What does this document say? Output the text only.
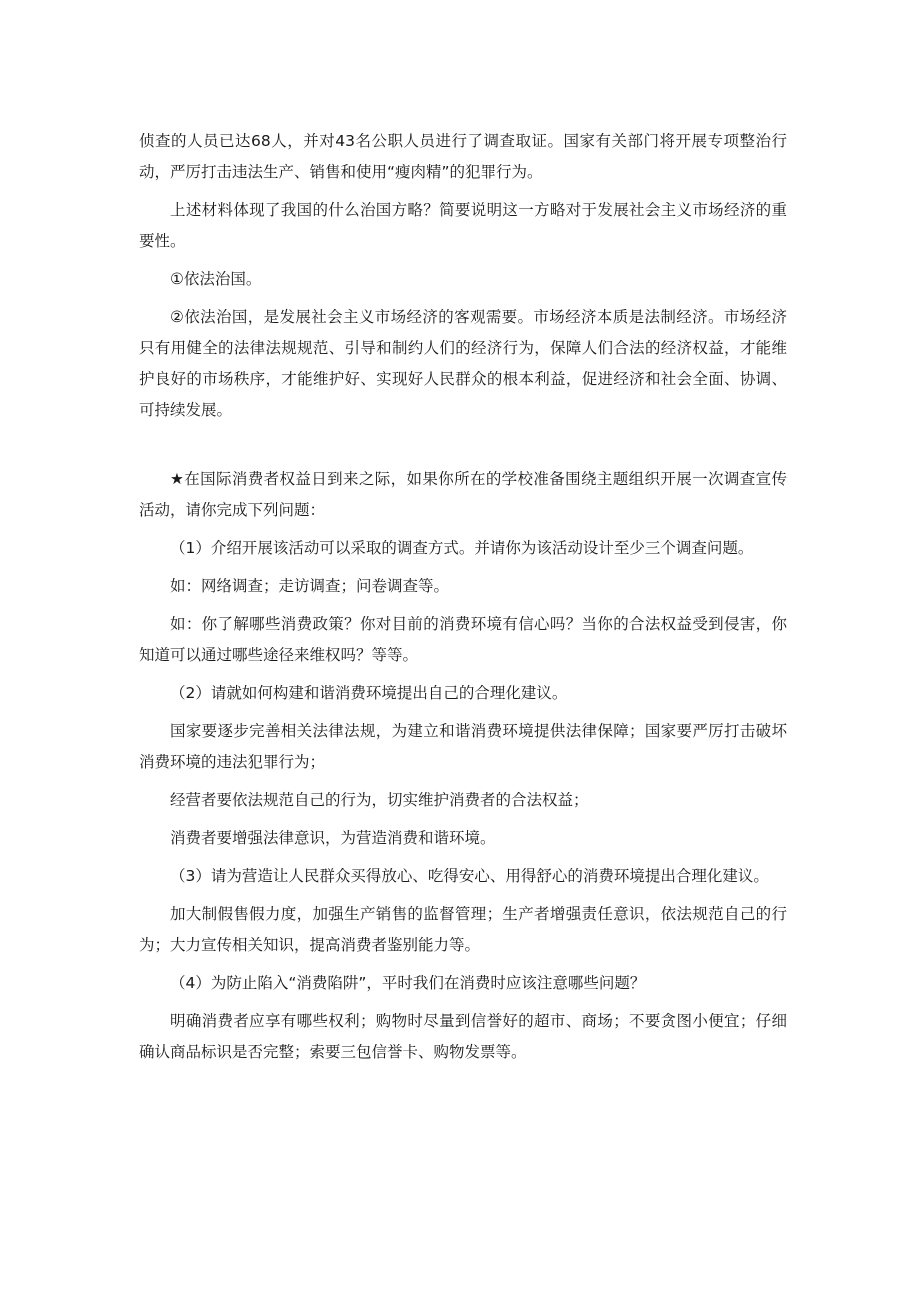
侦查的人员已达68人，并对43名公职人员进行了调查取证。国家有关部门将开展专项整治行动，严厉打击违法生产、销售和使用“瘦肉精”的犯罪行为。

上述材料体现了我国的什么治国方略？简要说明这一方略对于发展社会主义市场经济的重要性。

①依法治国。

②依法治国，是发展社会主义市场经济的客观需要。市场经济本质是法制经济。市场经济只有用健全的法律法规规范、引导和制约人们的经济行为，保障人们合法的经济权益，才能维护良好的市场秩序，才能维护好、实现好人民群众的根本利益，促进经济和社会全面、协调、可持续发展。

★在国际消费者权益日到来之际，如果你所在的学校准备围绕主题组织开展一次调查宣传活动，请你完成下列问题：

（1）介绍开展该活动可以采取的调查方式。并请你为该活动设计至少三个调查问题。

如：网络调查；走访调查；问卷调查等。

如：你了解哪些消费政策？你对目前的消费环境有信心吗？当你的合法权益受到侵害，你知道可以通过哪些途径来维权吗？等等。

（2）请就如何构建和谐消费环境提出自己的合理化建议。

国家要逐步完善相关法律法规，为建立和谐消费环境提供法律保障；国家要严厉打击破坏消费环境的违法犯罪行为；

经营者要依法规范自己的行为，切实维护消费者的合法权益；

消费者要增强法律意识，为营造消费和谐环境。

（3）请为营造让人民群众买得放心、吃得安心、用得舒心的消费环境提出合理化建议。

加大制假售假力度，加强生产销售的监督管理；生产者增强责任意识，依法规范自己的行为；大力宣传相关知识，提高消费者鉴别能力等。

（4）为防止陷入“消费陷阱”，平时我们在消费时应该注意哪些问题？

明确消费者应享有哪些权利；购物时尽量到信誉好的超市、商场；不要贪图小便宜；仔细确认商品标识是否完整；索要三包信誉卡、购物发票等。
